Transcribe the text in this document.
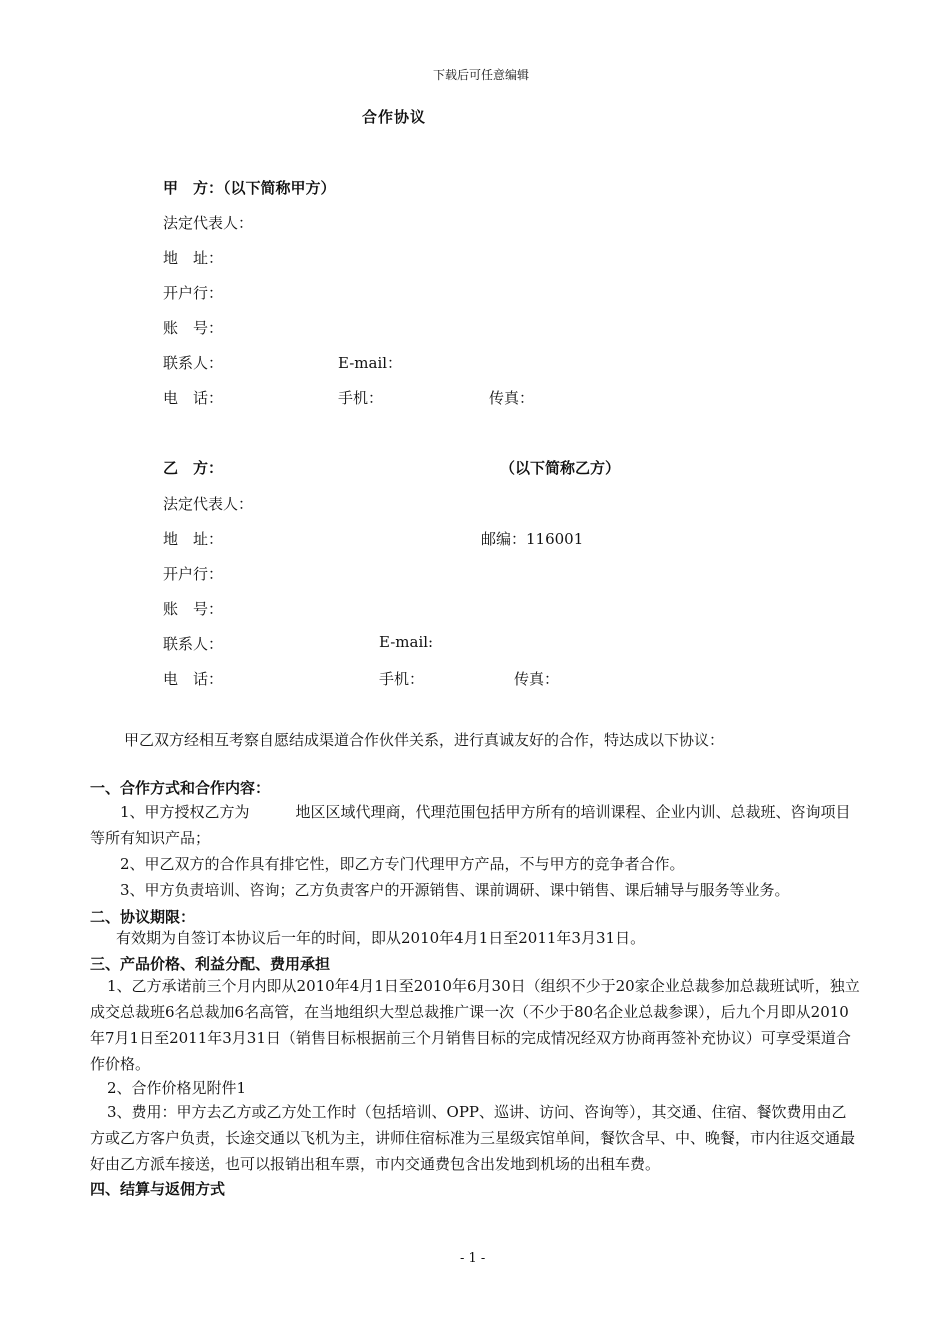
下载后可任意编辑
合作协议
甲　方：（以下简称甲方）
法定代表人：
地　址：
开户行：
账　号：
联系人：	E-mail：
电　话：	手机：	传真：
乙　方：	（以下简称乙方）
法定代表人：
地　址：	邮编：116001
开户行：
账　号：
联系人：	E-mail:
电　话：	手机：	传真：
甲乙双方经相互考察自愿结成渠道合作伙伴关系，进行真诚友好的合作，特达成以下协议：
一、合作方式和合作内容：
1、甲方授权乙方为	地区区域代理商，代理范围包括甲方所有的培训课程、企业内训、总裁班、咨询项目等所有知识产品；
2、甲乙双方的合作具有排它性，即乙方专门代理甲方产品，不与甲方的竞争者合作。
3、甲方负责培训、咨询；乙方负责客户的开源销售、课前调研、课中销售、课后辅导与服务等业务。
二、协议期限：
有效期为自签订本协议后一年的时间，即从2010年4月1日至2011年3月31日。
三、产品价格、利益分配、费用承担
1、乙方承诺前三个月内即从2010年4月1日至2010年6月30日（组织不少于20家企业总裁参加总裁班试听，独立成交总裁班6名总裁加6名高管，在当地组织大型总裁推广课一次（不少于80名企业总裁参课），后九个月即从2010年7月1日至2011年3月31日（销售目标根据前三个月销售目标的完成情况经双方协商再签补充协议）可享受渠道合作价格。
2、合作价格见附件1
3、费用：甲方去乙方或乙方处工作时（包括培训、OPP、巡讲、访问、咨询等），其交通、住宿、餐饮费用由乙方或乙方客户负责，长途交通以飞机为主，讲师住宿标准为三星级宾馆单间，餐饮含早、中、晚餐，市内往返交通最好由乙方派车接送，也可以报销出租车票，市内交通费包含出发地到机场的出租车费。
四、结算与返佣方式
- 1 -
